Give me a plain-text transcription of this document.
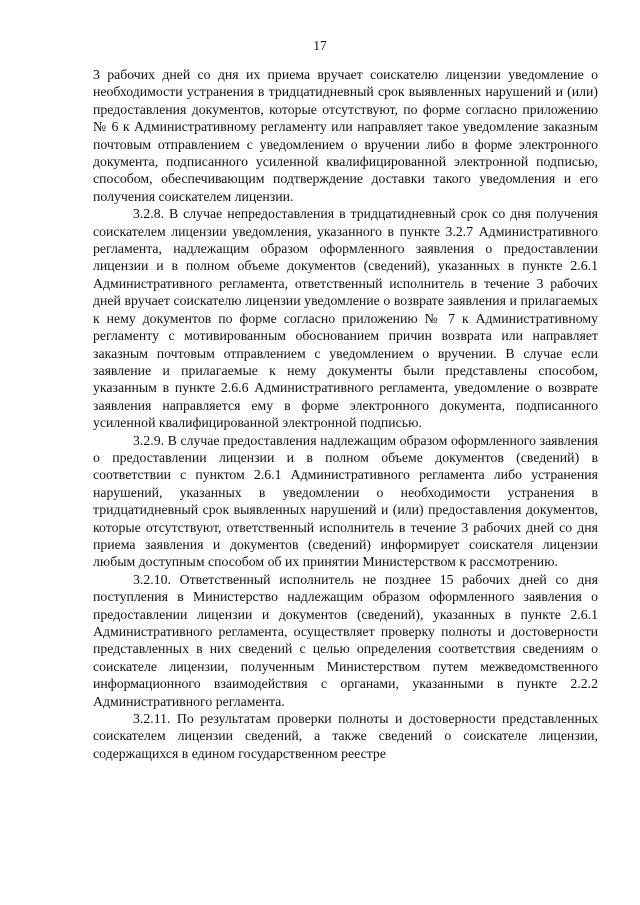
17

3 рабочих дней со дня их приема вручает соискателю лицензии уведомление о необходимости устранения в тридцатидневный срок выявленных нарушений и (или) предоставления документов, которые отсутствуют, по форме согласно приложению № 6 к Административному регламенту или направляет такое уведомление заказным почтовым отправлением с уведомлением о вручении либо в форме электронного документа, подписанного усиленной квалифицированной электронной подписью, способом, обеспечивающим подтверждение доставки такого уведомления и его получения соискателем лицензии.

3.2.8. В случае непредоставления в тридцатидневный срок со дня получения соискателем лицензии уведомления, указанного в пункте 3.2.7 Административного регламента, надлежащим образом оформленного заявления о предоставлении лицензии и в полном объеме документов (сведений), указанных в пункте 2.6.1 Административного регламента, ответственный исполнитель в течение 3 рабочих дней вручает соискателю лицензии уведомление о возврате заявления и прилагаемых к нему документов по форме согласно приложению № 7 к Административному регламенту с мотивированным обоснованием причин возврата или направляет заказным почтовым отправлением с уведомлением о вручении. В случае если заявление и прилагаемые к нему документы были представлены способом, указанным в пункте 2.6.6 Административного регламента, уведомление о возврате заявления направляется ему в форме электронного документа, подписанного усиленной квалифицированной электронной подписью.

3.2.9. В случае предоставления надлежащим образом оформленного заявления о предоставлении лицензии и в полном объеме документов (сведений) в соответствии с пунктом 2.6.1 Административного регламента либо устранения нарушений, указанных в уведомлении о необходимости устранения в тридцатидневный срок выявленных нарушений и (или) предоставления документов, которые отсутствуют, ответственный исполнитель в течение 3 рабочих дней со дня приема заявления и документов (сведений) информирует соискателя лицензии любым доступным способом об их принятии Министерством к рассмотрению.

3.2.10. Ответственный исполнитель не позднее 15 рабочих дней со дня поступления в Министерство надлежащим образом оформленного заявления о предоставлении лицензии и документов (сведений), указанных в пункте 2.6.1 Административного регламента, осуществляет проверку полноты и достоверности представленных в них сведений с целью определения соответствия сведениям о соискателе лицензии, полученным Министерством путем межведомственного информационного взаимодействия с органами, указанными в пункте 2.2.2 Административного регламента.

3.2.11. По результатам проверки полноты и достоверности представленных соискателем лицензии сведений, а также сведений о соискателе лицензии, содержащихся в едином государственном реестре
